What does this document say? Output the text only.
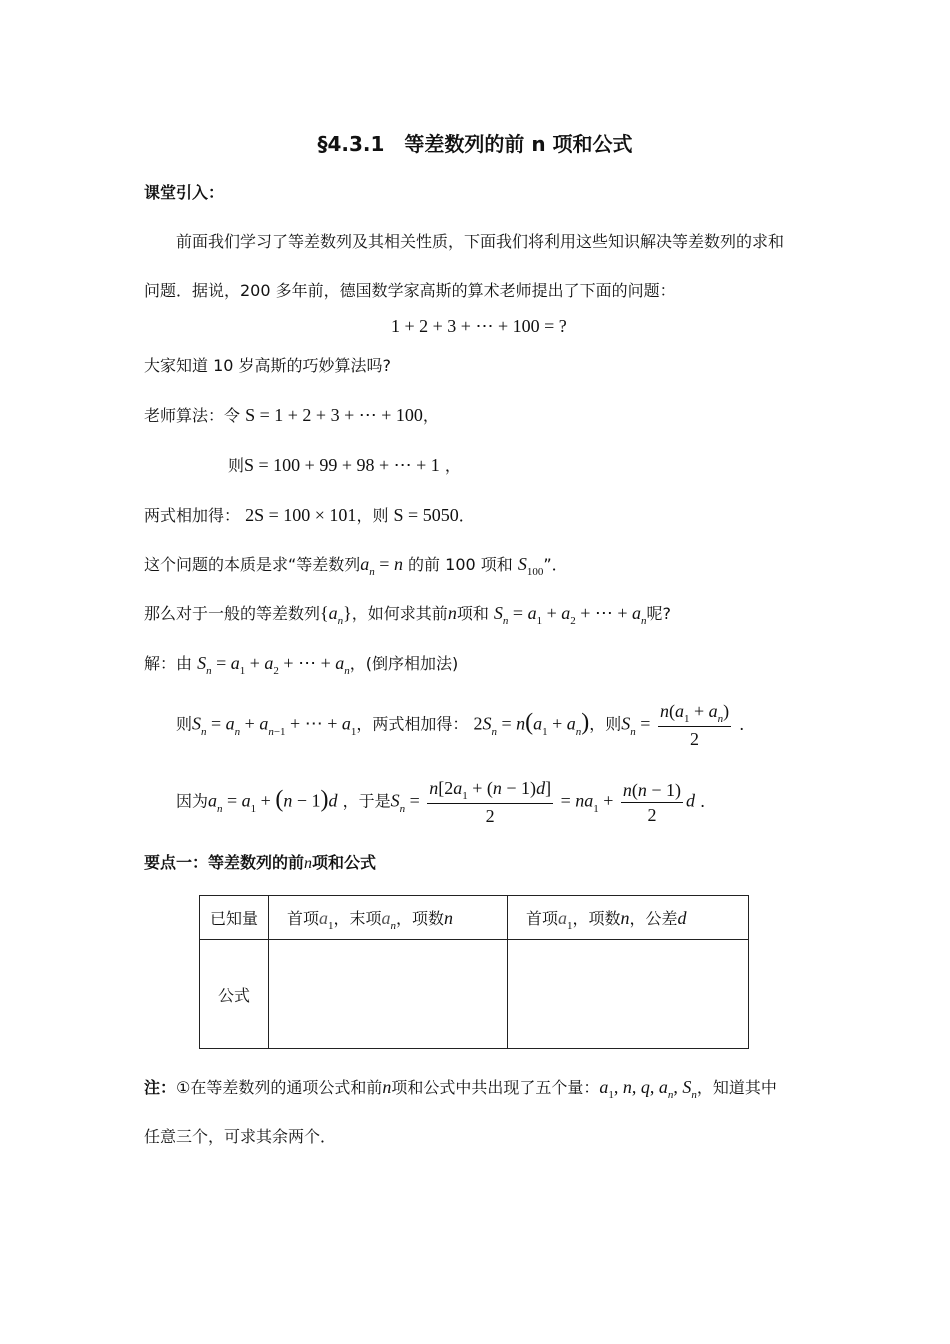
§4.3.1　等差数列的前 n 项和公式
课堂引入：
前面我们学习了等差数列及其相关性质，下面我们将利用这些知识解决等差数列的求和
问题．据说，200 多年前，德国数学家高斯的算术老师提出了下面的问题：
1 + 2 + 3 + ⋯ + 100 = ?
大家知道 10 岁高斯的巧妙算法吗?
老师算法：令 S = 1 + 2 + 3 + ⋯ + 100，
则S = 100 + 99 + 98 + ⋯ + 1 ，
两式相加得： 2S = 100 × 101，则 S = 5050．
这个问题的本质是求“等差数列$a_n = n$ 的前 100 项和 $S_{100}$”．
那么对于一般的等差数列$\{a_n\}$，如何求其前n项和 $S_n = a_1 + a_2$ + ⋯ + $a_n$呢?
解：由 $S_n = a_1 + a_2$ + ⋯ + $a_n$，(倒序相加法)
则$S_n = a_n + a_{n-1}$ + ⋯ + $a_1$，两式相加得： $2S_n = n(a_1 + a_n)$，则$S_n = \frac{n(a_1 + a_n)}{2}$ ．
因为$a_n = a_1 + (n - 1)d$ ，于是$S_n = \frac{n[2a_1 + (n - 1)d]}{2} = na_1 + \frac{n(n - 1)}{2}$ d ．
要点一：等差数列的前n项和公式
已知量	首项$a_1$，末项$a_n$，项数n	首项$a_1$，项数n，公差d
公式		
注：①在等差数列的通项公式和前n项和公式中共出现了五个量：$a_1$, n, q, $a_n$, $S_n$，知道其中
任意三个，可求其余两个．
